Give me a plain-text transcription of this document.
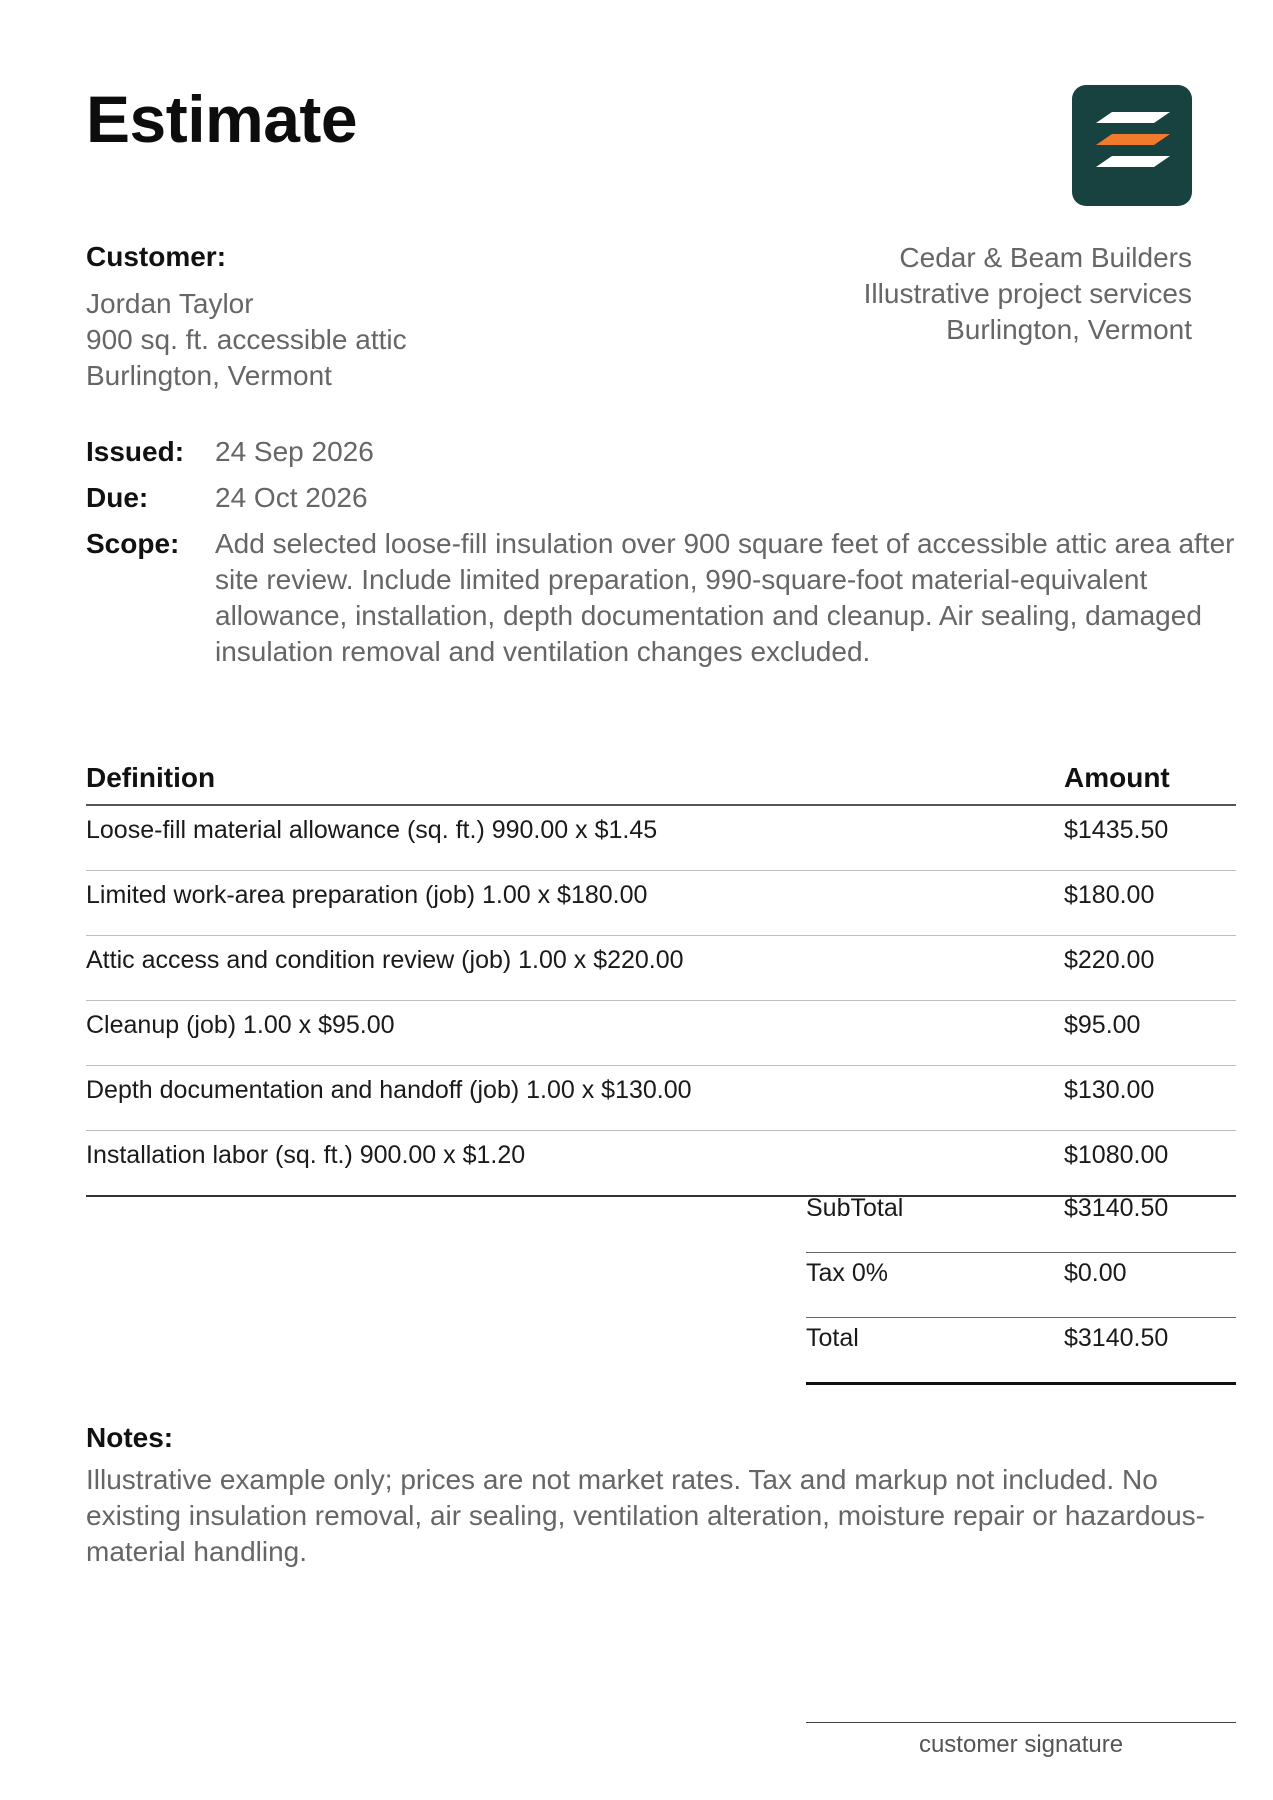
Estimate
Customer:
Jordan Taylor
900 sq. ft. accessible attic
Burlington, Vermont
Cedar & Beam Builders
Illustrative project services
Burlington, Vermont
Issued:	24 Sep 2026
Due:	24 Oct 2026
Scope:	Add selected loose-fill insulation over 900 square feet of accessible attic area after site review. Include limited preparation, 990-square-foot material-equivalent allowance, installation, depth documentation and cleanup. Air sealing, damaged insulation removal and ventilation changes excluded.
Definition	Amount
Loose-fill material allowance (sq. ft.) 990.00 x $1.45	$1435.50
Limited work-area preparation (job) 1.00 x $180.00	$180.00
Attic access and condition review (job) 1.00 x $220.00	$220.00
Cleanup (job) 1.00 x $95.00	$95.00
Depth documentation and handoff (job) 1.00 x $130.00	$130.00
Installation labor (sq. ft.) 900.00 x $1.20	$1080.00
SubTotal	$3140.50
Tax 0%	$0.00
Total	$3140.50
Notes:
Illustrative example only; prices are not market rates. Tax and markup not included. No existing insulation removal, air sealing, ventilation alteration, moisture repair or hazardous-material handling.
customer signature
